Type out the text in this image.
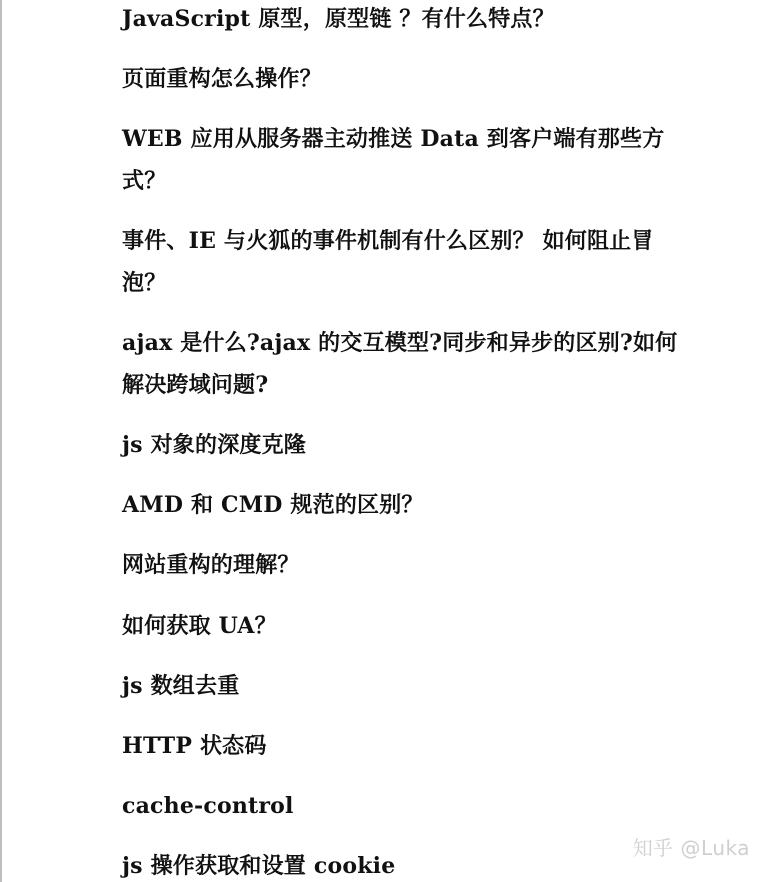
JavaScript 原型，原型链 ？有什么特点？
页面重构怎么操作？
WEB 应用从服务器主动推送 Data 到客户端有那些方式？
事件、IE 与火狐的事件机制有什么区别？ 如何阻止冒泡？
ajax 是什么?ajax 的交互模型?同步和异步的区别?如何解决跨域问题?
js 对象的深度克隆
AMD 和 CMD 规范的区别？
网站重构的理解？
如何获取 UA？
js 数组去重
HTTP 状态码
cache-control
js 操作获取和设置 cookie
知乎 @Luka
